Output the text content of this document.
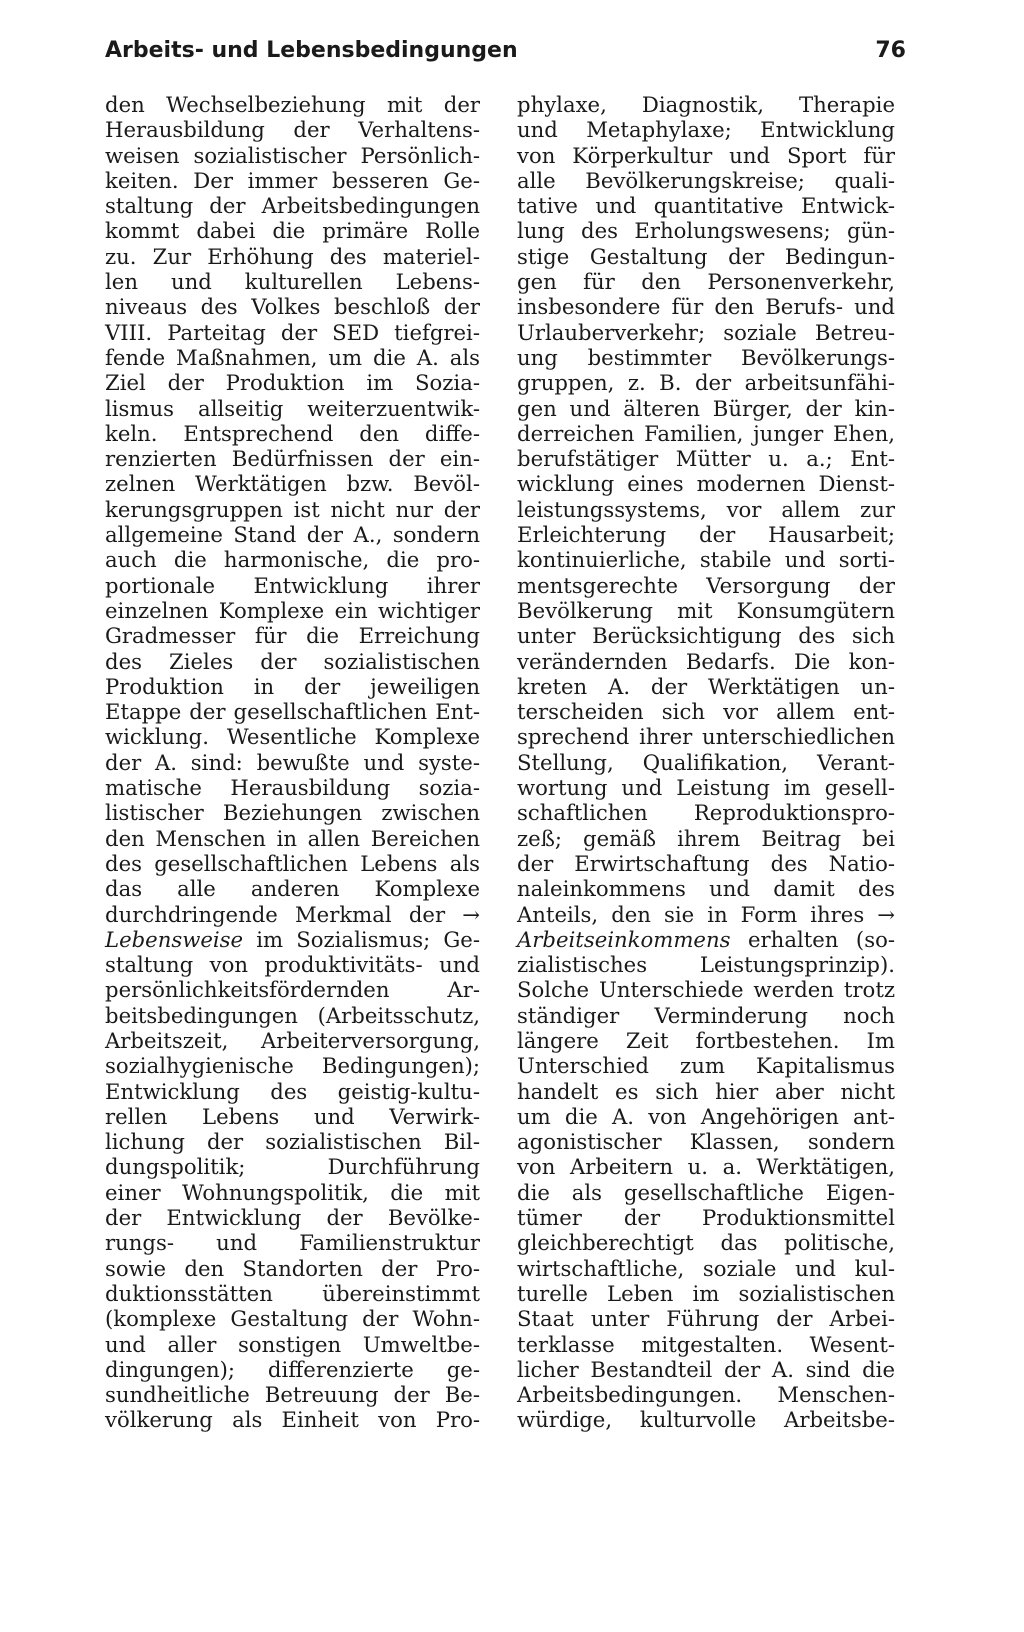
Arbeits- und Lebensbedingungen	76
den Wechselbeziehung mit der
Herausbildung der Verhaltens-
weisen sozialistischer Persönlich-
keiten. Der immer besseren Ge-
staltung der Arbeitsbedingungen
kommt dabei die primäre Rolle
zu. Zur Erhöhung des materiel-
len und kulturellen Lebens-
niveaus des Volkes beschloß der
VIII. Parteitag der SED tiefgrei-
fende Maßnahmen, um die A. als
Ziel der Produktion im Sozia-
lismus allseitig weiterzuentwik-
keln. Entsprechend den diffe-
renzierten Bedürfnissen der ein-
zelnen Werktätigen bzw. Bevöl-
kerungsgruppen ist nicht nur der
allgemeine Stand der A., sondern
auch die harmonische, die pro-
portionale Entwicklung ihrer
einzelnen Komplexe ein wichtiger
Gradmesser für die Erreichung
des Zieles der sozialistischen
Produktion in der jeweiligen
Etappe der gesellschaftlichen Ent-
wicklung. Wesentliche Komplexe
der A. sind: bewußte und syste-
matische Herausbildung sozia-
listischer Beziehungen zwischen
den Menschen in allen Bereichen
des gesellschaftlichen Lebens als
das alle anderen Komplexe
durchdringende Merkmal der →
Lebensweise im Sozialismus; Ge-
staltung von produktivitäts- und
persönlichkeitsfördernden Ar-
beitsbedingungen (Arbeitsschutz,
Arbeitszeit, Arbeiterversorgung,
sozialhygienische Bedingungen);
Entwicklung des geistig-kultu-
rellen Lebens und Verwirk-
lichung der sozialistischen Bil-
dungspolitik; Durchführung
einer Wohnungspolitik, die mit
der Entwicklung der Bevölke-
rungs- und Familienstruktur
sowie den Standorten der Pro-
duktionsstätten übereinstimmt
(komplexe Gestaltung der Wohn-
und aller sonstigen Umweltbe-
dingungen); differenzierte ge-
sundheitliche Betreuung der Be-
völkerung als Einheit von Pro-
phylaxe, Diagnostik, Therapie
und Metaphylaxe; Entwicklung
von Körperkultur und Sport für
alle Bevölkerungskreise; quali-
tative und quantitative Entwick-
lung des Erholungswesens; gün-
stige Gestaltung der Bedingun-
gen für den Personenverkehr,
insbesondere für den Berufs- und
Urlauberverkehr; soziale Betreu-
ung bestimmter Bevölkerungs-
gruppen, z. B. der arbeitsunfähi-
gen und älteren Bürger, der kin-
derreichen Familien, junger Ehen,
berufstätiger Mütter u. a.; Ent-
wicklung eines modernen Dienst-
leistungssystems, vor allem zur
Erleichterung der Hausarbeit;
kontinuierliche, stabile und sorti-
mentsgerechte Versorgung der
Bevölkerung mit Konsumgütern
unter Berücksichtigung des sich
verändernden Bedarfs. Die kon-
kreten A. der Werktätigen un-
terscheiden sich vor allem ent-
sprechend ihrer unterschiedlichen
Stellung, Qualifikation, Verant-
wortung und Leistung im gesell-
schaftlichen Reproduktionspro-
zeß; gemäß ihrem Beitrag bei
der Erwirtschaftung des Natio-
naleinkommens und damit des
Anteils, den sie in Form ihres →
Arbeitseinkommens erhalten (so-
zialistisches Leistungsprinzip).
Solche Unterschiede werden trotz
ständiger Verminderung noch
längere Zeit fortbestehen. Im
Unterschied zum Kapitalismus
handelt es sich hier aber nicht
um die A. von Angehörigen ant-
agonistischer Klassen, sondern
von Arbeitern u. a. Werktätigen,
die als gesellschaftliche Eigen-
tümer der Produktionsmittel
gleichberechtigt das politische,
wirtschaftliche, soziale und kul-
turelle Leben im sozialistischen
Staat unter Führung der Arbei-
terklasse mitgestalten. Wesent-
licher Bestandteil der A. sind die
Arbeitsbedingungen. Menschen-
würdige, kulturvolle Arbeitsbe-
